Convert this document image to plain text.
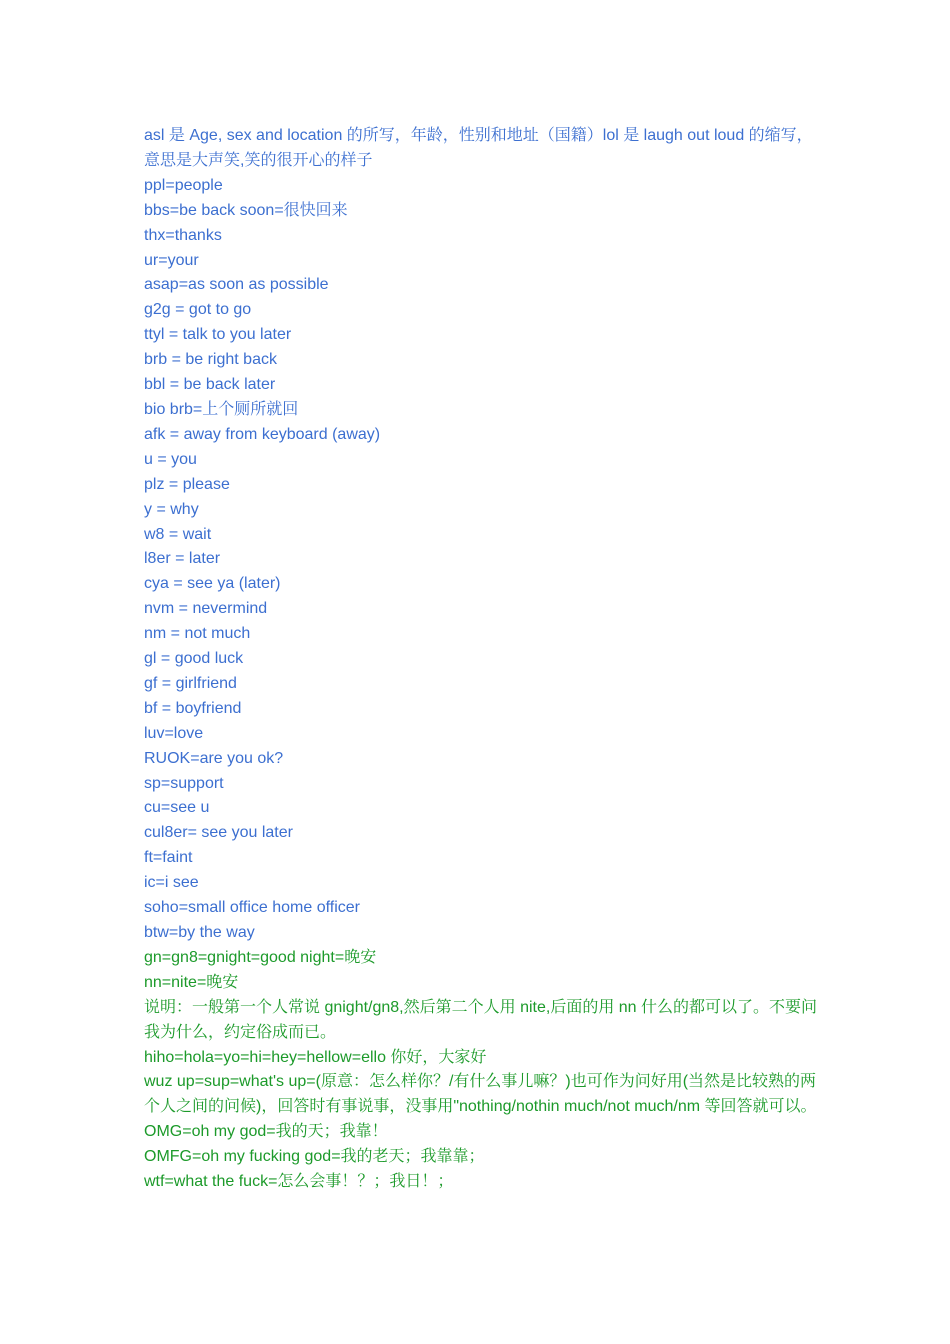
asl 是 Age, sex and location 的所写，年龄，性别和地址（国籍）lol 是 laugh out loud 的缩写，意思是大声笑,笑的很开心的样子
ppl=people
bbs=be back soon=很快回来
thx=thanks
ur=your
asap=as soon as possible
g2g = got to go
ttyl = talk to you later
brb = be right back
bbl = be back later
bio brb=上个厕所就回
afk = away from keyboard (away)
u = you
plz = please
y = why
w8 = wait
l8er = later
cya = see ya (later)
nvm = nevermind
nm = not much
gl = good luck
gf = girlfriend
bf = boyfriend
luv=love
RUOK=are you ok?
sp=support
cu=see u
cul8er= see you later
ft=faint
ic=i see
soho=small office home officer
btw=by the way
gn=gn8=gnight=good night=晚安
nn=nite=晚安
说明：一般第一个人常说 gnight/gn8,然后第二个人用 nite,后面的用 nn 什么的都可以了。不要问我为什么，约定俗成而已。
hiho=hola=yo=hi=hey=hellow=ello 你好，大家好
wuz up=sup=what's up=(原意：怎么样你？/有什么事儿嘛？)也可作为问好用(当然是比较熟的两个人之间的问候)，回答时有事说事，没事用"nothing/nothin much/not much/nm 等回答就可以。
OMG=oh my god=我的天；我靠！
OMFG=oh my fucking god=我的老天；我靠靠；
wtf=what the fuck=怎么会事！？；我日！；
